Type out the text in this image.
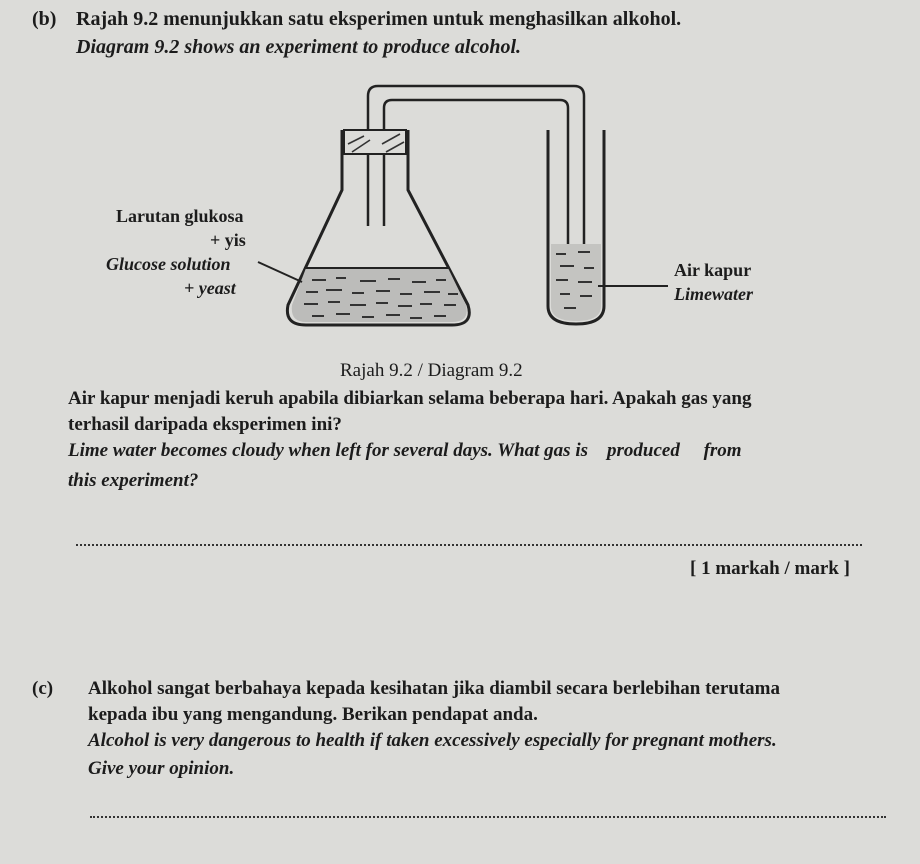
(b) Rajah 9.2 menunjukkan satu eksperimen untuk menghasilkan alkohol.
Diagram 9.2 shows an experiment to produce alcohol.
Larutan glukosa
+ yis
Glucose solution
+ yeast
Air kapur
Limewater
Rajah 9.2 / Diagram 9.2
Air kapur menjadi keruh apabila dibiarkan selama beberapa hari. Apakah gas yang
terhasil daripada eksperimen ini?
Lime water becomes cloudy when left for several days. What gas is    produced     from
this experiment?
[ 1 markah / mark ]
(c) Alkohol sangat berbahaya kepada kesihatan jika diambil secara berlebihan terutama
kepada ibu yang mengandung. Berikan pendapat anda.
Alcohol is very dangerous to health if taken excessively especially for pregnant mothers.
Give your opinion.
